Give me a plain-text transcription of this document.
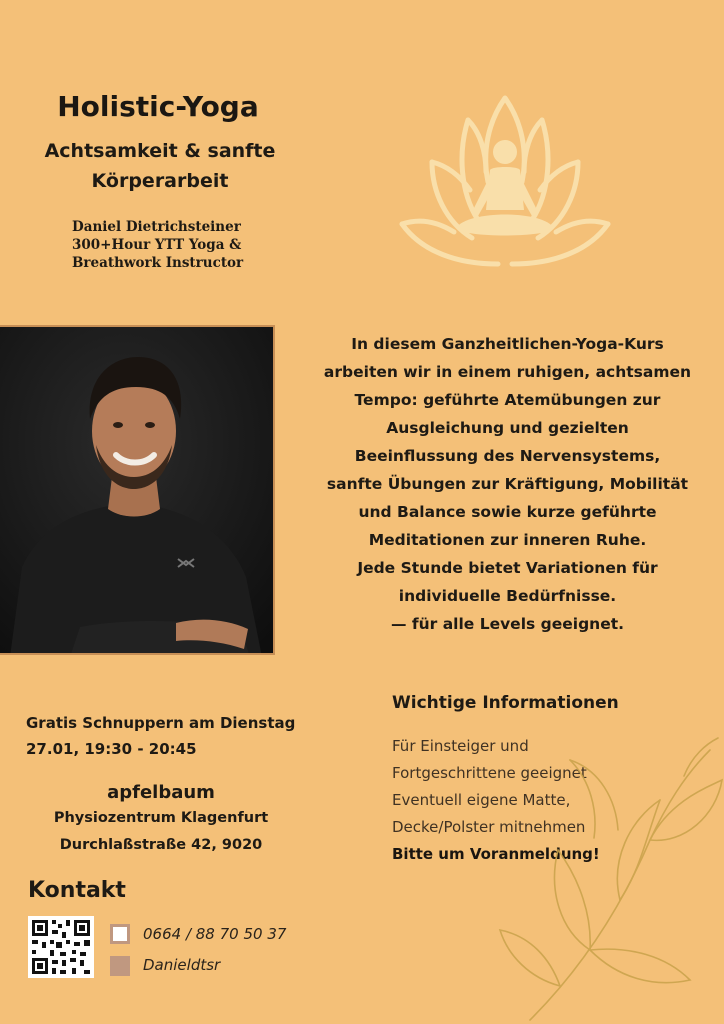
Holistic-Yoga
Achtsamkeit & sanfte
Körperarbeit
Daniel Dietrichsteiner
300+Hour YTT Yoga &
Breathwork Instructor
In diesem Ganzheitlichen-Yoga-Kurs
arbeiten wir in einem ruhigen, achtsamen
Tempo: geführte Atemübungen zur
Ausgleichung und gezielten
Beeinflussung des Nervensystems,
sanfte Übungen zur Kräftigung, Mobilität
und Balance sowie kurze geführte
Meditationen zur inneren Ruhe.
Jede Stunde bietet Variationen für
individuelle Bedürfnisse.
— für alle Levels geeignet.
Gratis Schnuppern am Dienstag
27.01, 19:30 - 20:45
apfelbaum
Physiozentrum Klagenfurt
Durchlaßstraße 42, 9020
Wichtige Informationen
Für Einsteiger und
Fortgeschrittene geeignet
Eventuell eigene Matte,
Decke/Polster mitnehmen
Bitte um Voranmeldung!
Kontakt
0664 / 88 70 50 37
Danieldtsr
